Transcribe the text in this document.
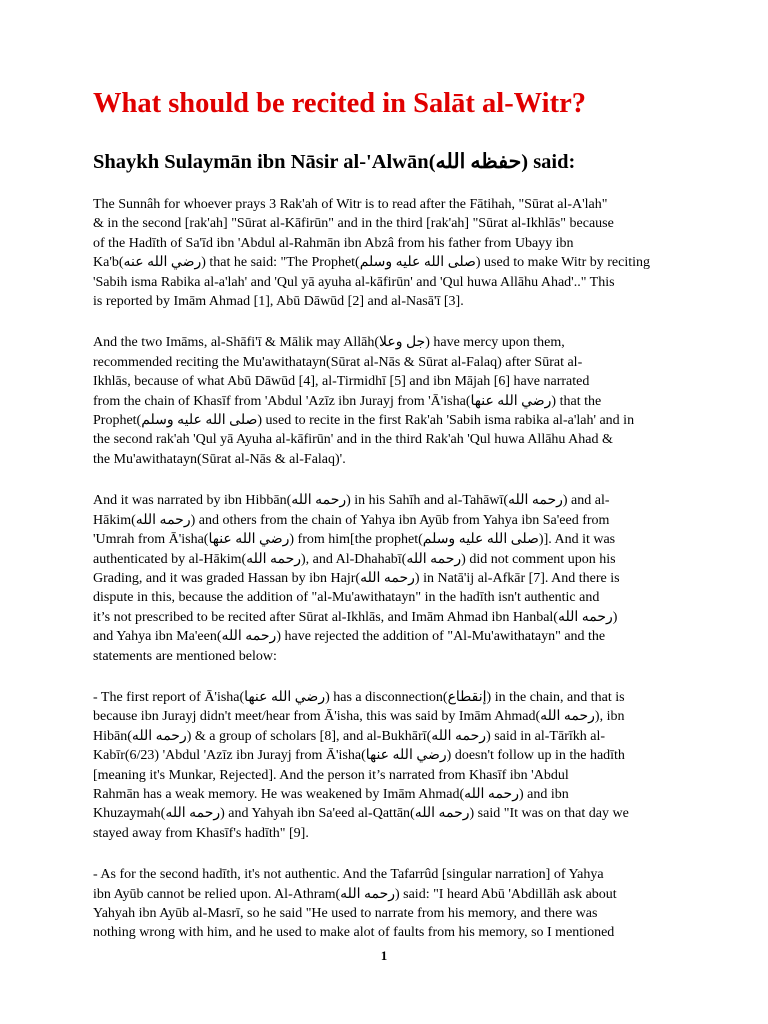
What should be recited in Salāt al-Witr?
Shaykh Sulaymān ibn Nāsir al-'Alwān(حفظه الله) said:

The Sunnâh for whoever prays 3 Rak'ah of Witr is to read after the Fātihah, "Sūrat al-A'lah"
& in the second [rak'ah] "Sūrat al-Kāfirūn" and in the third [rak'ah] "Sūrat al-Ikhlās" because
of the Hadīth of Sa'īd ibn 'Abdul al-Rahmān ibn Abzâ from his father from Ubayy ibn
Ka'b(رضي الله عنه) that he said: "The Prophet(صلى الله عليه وسلم) used to make Witr by reciting
'Sabih isma Rabika al-a'lah' and 'Qul yā ayuha al-kāfirūn' and 'Qul huwa Allāhu Ahad'.." This
is reported by Imām Ahmad [1], Abū Dāwūd [2] and al-Nasā'ī [3].

And the two Imāms, al-Shāfi'ī & Mālik may Allāh(جل وعلا) have mercy upon them,
recommended reciting the Mu'awithatayn(Sūrat al-Nās & Sūrat al-Falaq) after Sūrat al-
Ikhlās, because of what Abū Dāwūd [4], al-Tirmidhī [5] and ibn Mājah [6] have narrated
from the chain of Khasīf from 'Abdul 'Azīz ibn Jurayj from 'Ā'isha(رضي الله عنها) that the
Prophet(صلى الله عليه وسلم) used to recite in the first Rak'ah 'Sabih isma rabika al-a'lah' and in
the second rak'ah 'Qul yā Ayuha al-kāfirūn' and in the third Rak'ah 'Qul huwa Allāhu Ahad &
the Mu'awithatayn(Sūrat al-Nās & al-Falaq)'.

And it was narrated by ibn Hibbān(رحمه الله) in his Sahīh and al-Tahāwī(رحمه الله) and al-
Hākim(رحمه الله) and others from the chain of Yahya ibn Ayūb from Yahya ibn Sa'eed from
'Umrah from Ā'isha(رضي الله عنها) from him[the prophet(صلى الله عليه وسلم)]. And it was
authenticated by al-Hākim(رحمه الله), and Al-Dhahabī(رحمه الله) did not comment upon his
Grading, and it was graded Hassan by ibn Hajr(رحمه الله) in Natā'ij al-Afkār [7]. And there is
dispute in this, because the addition of "al-Mu'awithatayn" in the hadīth isn't authentic and
it’s not prescribed to be recited after Sūrat al-Ikhlās, and Imām Ahmad ibn Hanbal(رحمه الله)
and Yahya ibn Ma'een(رحمه الله) have rejected the addition of "Al-Mu'awithatayn" and the
statements are mentioned below:

- The first report of Ā'isha(رضي الله عنها) has a disconnection(إنقطاع) in the chain, and that is
because ibn Jurayj didn't meet/hear from Ā'isha, this was said by Imām Ahmad(رحمه الله), ibn
Hibān(رحمه الله) & a group of scholars [8], and al-Bukhārī(رحمه الله) said in al-Tārīkh al-
Kabīr(6/23) 'Abdul 'Azīz ibn Jurayj from Ā'isha(رضي الله عنها) doesn't follow up in the hadīth
[meaning it's Munkar, Rejected]. And the person it’s narrated from Khasīf ibn 'Abdul
Rahmān has a weak memory. He was weakened by Imām Ahmad(رحمه الله) and ibn
Khuzaymah(رحمه الله) and Yahyah ibn Sa'eed al-Qattān(رحمه الله) said "It was on that day we
stayed away from Khasīf's hadīth" [9].

- As for the second hadīth, it's not authentic. And the Tafarrûd [singular narration] of Yahya
ibn Ayūb cannot be relied upon. Al-Athram(رحمه الله) said: "I heard Abū 'Abdillāh ask about
Yahyah ibn Ayūb al-Masrī, so he said "He used to narrate from his memory, and there was
nothing wrong with him, and he used to make alot of faults from his memory, so I mentioned

1
